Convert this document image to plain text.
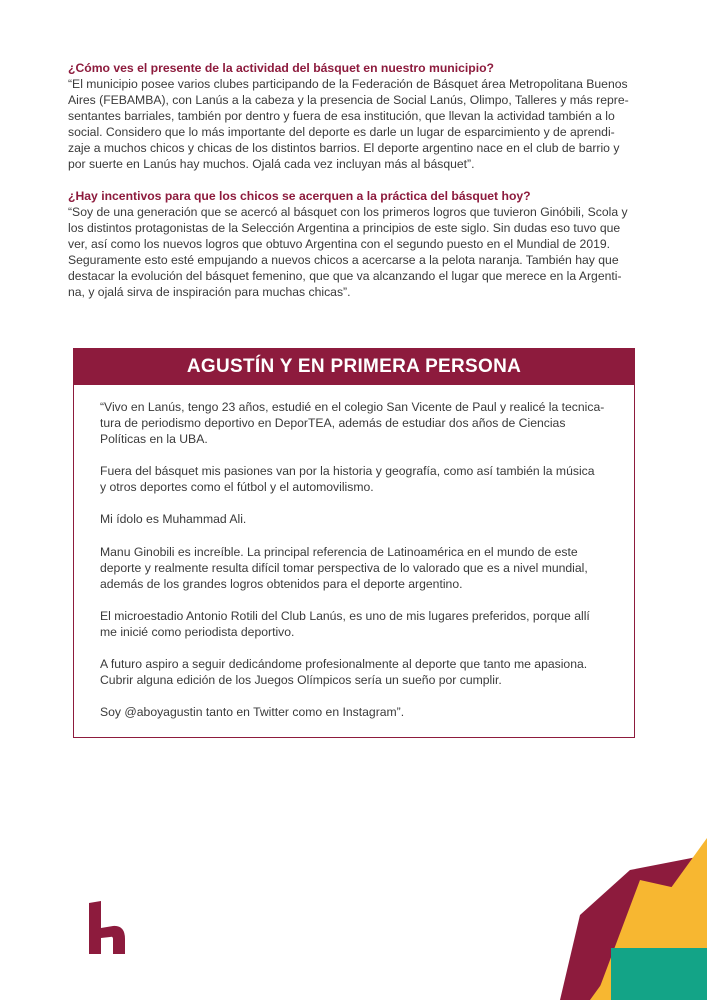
¿Cómo ves el presente de la actividad del básquet en nuestro municipio?

“El municipio posee varios clubes participando de la Federación de Básquet área Metropolitana Buenos
Aires (FEBAMBA), con Lanús a la cabeza y la presencia de Social Lanús, Olimpo, Talleres y más repre-
sentantes barriales, también por dentro y fuera de esa institución, que llevan la actividad también a lo
social. Considero que lo más importante del deporte es darle un lugar de esparcimiento y de aprendi-
zaje a muchos chicos y chicas de los distintos barrios. El deporte argentino nace en el club de barrio y
por suerte en Lanús hay muchos. Ojalá cada vez incluyan más al básquet”.

¿Hay incentivos para que los chicos se acerquen a la práctica del básquet hoy?

“Soy de una generación que se acercó al básquet con los primeros logros que tuvieron Ginóbili, Scola y
los distintos protagonistas de la Selección Argentina a principios de este siglo. Sin dudas eso tuvo que
ver, así como los nuevos logros que obtuvo Argentina con el segundo puesto en el Mundial de 2019.
Seguramente esto esté empujando a nuevos chicos a acercarse a la pelota naranja. También hay que
destacar la evolución del básquet femenino, que que va alcanzando el lugar que merece en la Argenti-
na, y ojalá sirva de inspiración para muchas chicas”.

AGUSTÍN Y EN PRIMERA PERSONA

“Vivo en Lanús, tengo 23 años, estudié en el colegio San Vicente de Paul y realicé la tecnica-
tura de periodismo deportivo en DeporTEA, además de estudiar dos años de Ciencias
Políticas en la UBA.

Fuera del básquet mis pasiones van por la historia y geografía, como así también la música
y otros deportes como el fútbol y el automovilismo.

Mi ídolo es Muhammad Ali.

Manu Ginobili es increíble. La principal referencia de Latinoamérica en el mundo de este
deporte y realmente resulta difícil tomar perspectiva de lo valorado que es a nivel mundial,
además de los grandes logros obtenidos para el deporte argentino.

El microestadio Antonio Rotili del Club Lanús, es uno de mis lugares preferidos, porque allí
me inicié como periodista deportivo.

A futuro aspiro a seguir dedicándome profesionalmente al deporte que tanto me apasiona.
Cubrir alguna edición de los Juegos Olímpicos sería un sueño por cumplir.

Soy @aboyagustin tanto en Twitter como en Instagram”.
